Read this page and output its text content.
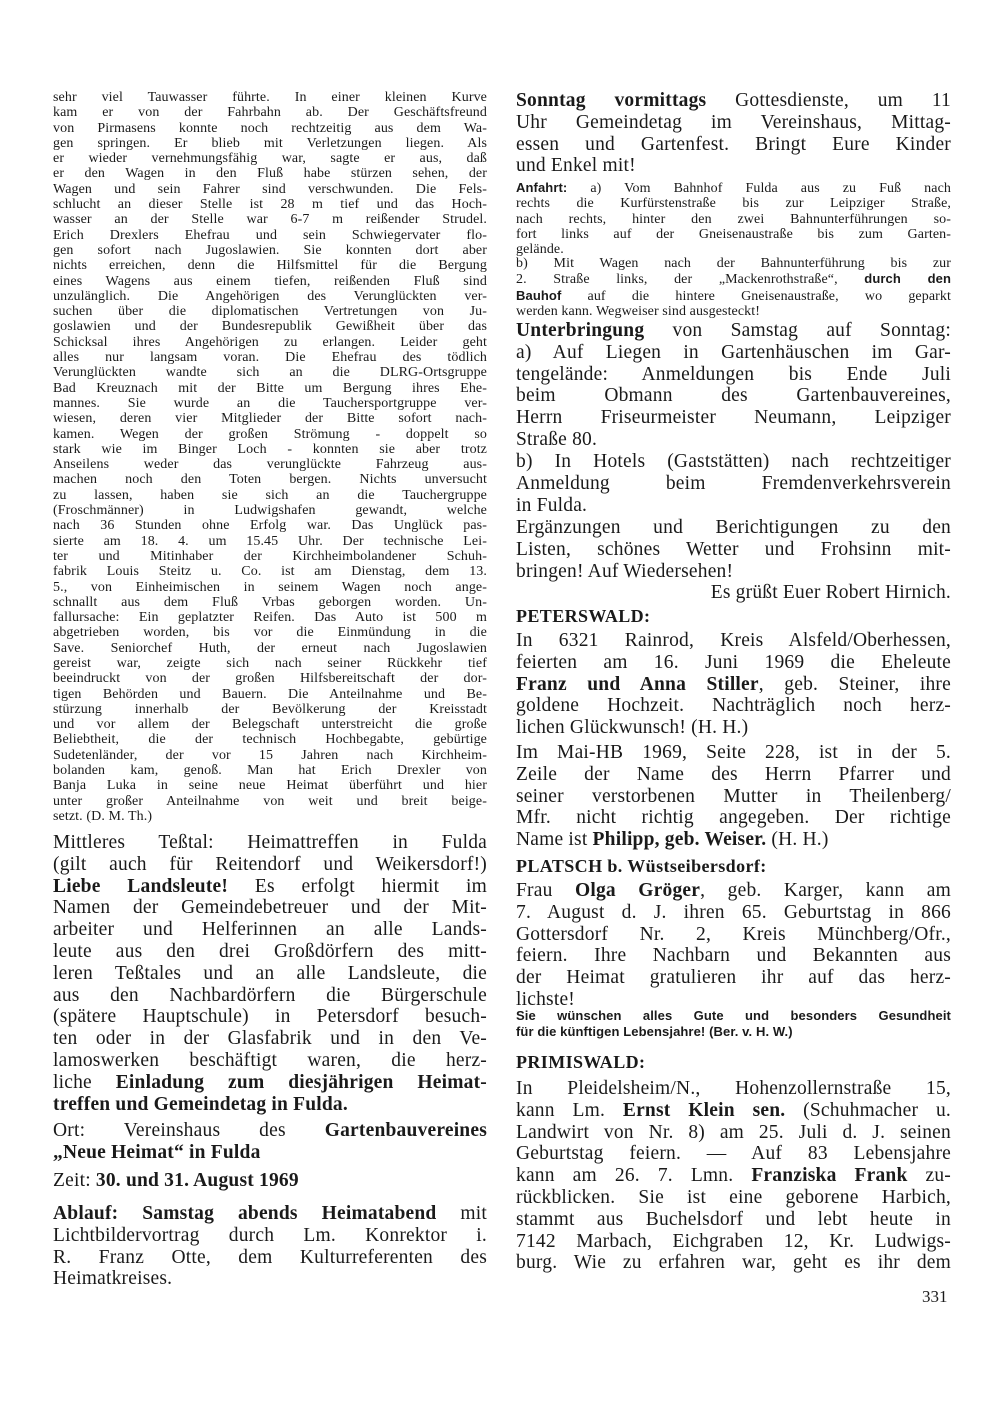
sehr viel Tauwasser führte. In einer kleinen Kurve
kam er von der Fahrbahn ab. Der Geschäftsfreund
von Pirmasens konnte noch rechtzeitig aus dem Wa-
gen springen. Er blieb mit Verletzungen liegen. Als
er wieder vernehmungsfähig war, sagte er aus, daß
er den Wagen in den Fluß habe stürzen sehen, der
Wagen und sein Fahrer sind verschwunden. Die Fels-
schlucht an dieser Stelle ist 28 m tief und das Hoch-
wasser an der Stelle war 6-7 m reißender Strudel.
Erich Drexlers Ehefrau und sein Schwiegervater flo-
gen sofort nach Jugoslawien. Sie konnten dort aber
nichts erreichen, denn die Hilfsmittel für die Bergung
eines Wagens aus einem tiefen, reißenden Fluß sind
unzulänglich. Die Angehörigen des Verunglückten ver-
suchen über die diplomatischen Vertretungen von Ju-
goslawien und der Bundesrepublik Gewißheit über das
Schicksal ihres Angehörigen zu erlangen. Leider geht
alles nur langsam voran. Die Ehefrau des tödlich
Verunglückten wandte sich an die DLRG-Ortsgruppe
Bad Kreuznach mit der Bitte um Bergung ihres Ehe-
mannes. Sie wurde an die Tauchersportgruppe ver-
wiesen, deren vier Mitglieder der Bitte sofort nach-
kamen. Wegen der großen Strömung - doppelt so
stark wie im Binger Loch - konnten sie aber trotz
Anseilens weder das verunglückte Fahrzeug aus-
machen noch den Toten bergen. Nichts unversucht
zu lassen, haben sie sich an die Tauchergruppe
(Froschmänner) in Ludwigshafen gewandt, welche
nach 36 Stunden ohne Erfolg war. Das Unglück pas-
sierte am 18. 4. um 15.45 Uhr. Der technische Lei-
ter und Mitinhaber der Kirchheimbolandener Schuh-
fabrik Louis Steitz u. Co. ist am Dienstag, dem 13.
5., von Einheimischen in seinem Wagen noch ange-
schnallt aus dem Fluß Vrbas geborgen worden. Un-
fallursache: Ein geplatzter Reifen. Das Auto ist 500 m
abgetrieben worden, bis vor die Einmündung in die
Save. Seniorchef Huth, der erneut nach Jugoslawien
gereist war, zeigte sich nach seiner Rückkehr tief
beeindruckt von der großen Hilfsbereitschaft der dor-
tigen Behörden und Bauern. Die Anteilnahme und Be-
stürzung innerhalb der Bevölkerung der Kreisstadt
und vor allem der Belegschaft unterstreicht die große
Beliebtheit, die der technisch Hochbegabte, gebürtige
Sudetenländer, der vor 15 Jahren nach Kirchheim-
bolanden kam, genoß. Man hat Erich Drexler von
Banja Luka in seine neue Heimat überführt und hier
unter großer Anteilnahme von weit und breit beige-
setzt. (D. M. Th.)
Mittleres Teßtal: Heimattreffen in Fulda
(gilt auch für Reitendorf und Weikersdorf!)
Liebe Landsleute! Es erfolgt hiermit im
Namen der Gemeindebetreuer und der Mit-
arbeiter und Helferinnen an alle Lands-
leute aus den drei Großdörfern des mitt-
leren Teßtales und an alle Landsleute, die
aus den Nachbardörfern die Bürgerschule
(spätere Hauptschule) in Petersdorf besuch-
ten oder in der Glasfabrik und in den Ve-
lamoswerken beschäftigt waren, die herz-
liche Einladung zum diesjährigen Heimat-
treffen und Gemeindetag in Fulda.
Ort: Vereinshaus des Gartenbauvereines
„Neue Heimat“ in Fulda
Zeit: 30. und 31. August 1969
Ablauf: Samstag abends Heimatabend mit
Lichtbildervortrag durch Lm. Konrektor i.
R. Franz Otte, dem Kulturreferenten des
Heimatkreises.
Sonntag vormittags Gottesdienste, um 11
Uhr Gemeindetag im Vereinshaus, Mittag-
essen und Gartenfest. Bringt Eure Kinder
und Enkel mit!
Anfahrt: a) Vom Bahnhof Fulda aus zu Fuß nach
rechts die Kurfürstenstraße bis zur Leipziger Straße,
nach rechts, hinter den zwei Bahnunterführungen so-
fort links auf der Gneisenaustraße bis zum Garten-
gelände.
b) Mit Wagen nach der Bahnunterführung bis zur
2. Straße links, der „Mackenrothstraße“, durch den
Bauhof auf die hintere Gneisenaustraße, wo geparkt
werden kann. Wegweiser sind ausgesteckt!
Unterbringung von Samstag auf Sonntag:
a) Auf Liegen in Gartenhäuschen im Gar-
tengelände: Anmeldungen bis Ende Juli
beim Obmann des Gartenbauvereines,
Herrn Friseurmeister Neumann, Leipziger
Straße 80.
b) In Hotels (Gaststätten) nach rechtzeitiger
Anmeldung beim Fremdenverkehrsverein
in Fulda.
Ergänzungen und Berichtigungen zu den
Listen, schönes Wetter und Frohsinn mit-
bringen! Auf Wiedersehen!
Es grüßt Euer Robert Hirnich.
PETERSWALD:
In 6321 Rainrod, Kreis Alsfeld/Oberhessen,
feierten am 16. Juni 1969 die Eheleute
Franz und Anna Stiller, geb. Steiner, ihre
goldene Hochzeit. Nachträglich noch herz-
lichen Glückwunsch! (H. H.)
Im Mai-HB 1969, Seite 228, ist in der 5.
Zeile der Name des Herrn Pfarrer und
seiner verstorbenen Mutter in Theilenberg/
Mfr. nicht richtig angegeben. Der richtige
Name ist Philipp, geb. Weiser. (H. H.)
PLATSCH b. Wüstseibersdorf:
Frau Olga Gröger, geb. Karger, kann am
7. August d. J. ihren 65. Geburtstag in 866
Gottersdorf Nr. 2, Kreis Münchberg/Ofr.,
feiern. Ihre Nachbarn und Bekannten aus
der Heimat gratulieren ihr auf das herz-
lichste!
Sie wünschen alles Gute und besonders Gesundheit
für die künftigen Lebensjahre! (Ber. v. H. W.)
PRIMISWALD:
In Pleidelsheim/N., Hohenzollernstraße 15,
kann Lm. Ernst Klein sen. (Schuhmacher u.
Landwirt von Nr. 8) am 25. Juli d. J. seinen
Geburtstag feiern. — Auf 83 Lebensjahre
kann am 26. 7. Lmn. Franziska Frank zu-
rückblicken. Sie ist eine geborene Harbich,
stammt aus Buchelsdorf und lebt heute in
7142 Marbach, Eichgraben 12, Kr. Ludwigs-
burg. Wie zu erfahren war, geht es ihr dem
331
